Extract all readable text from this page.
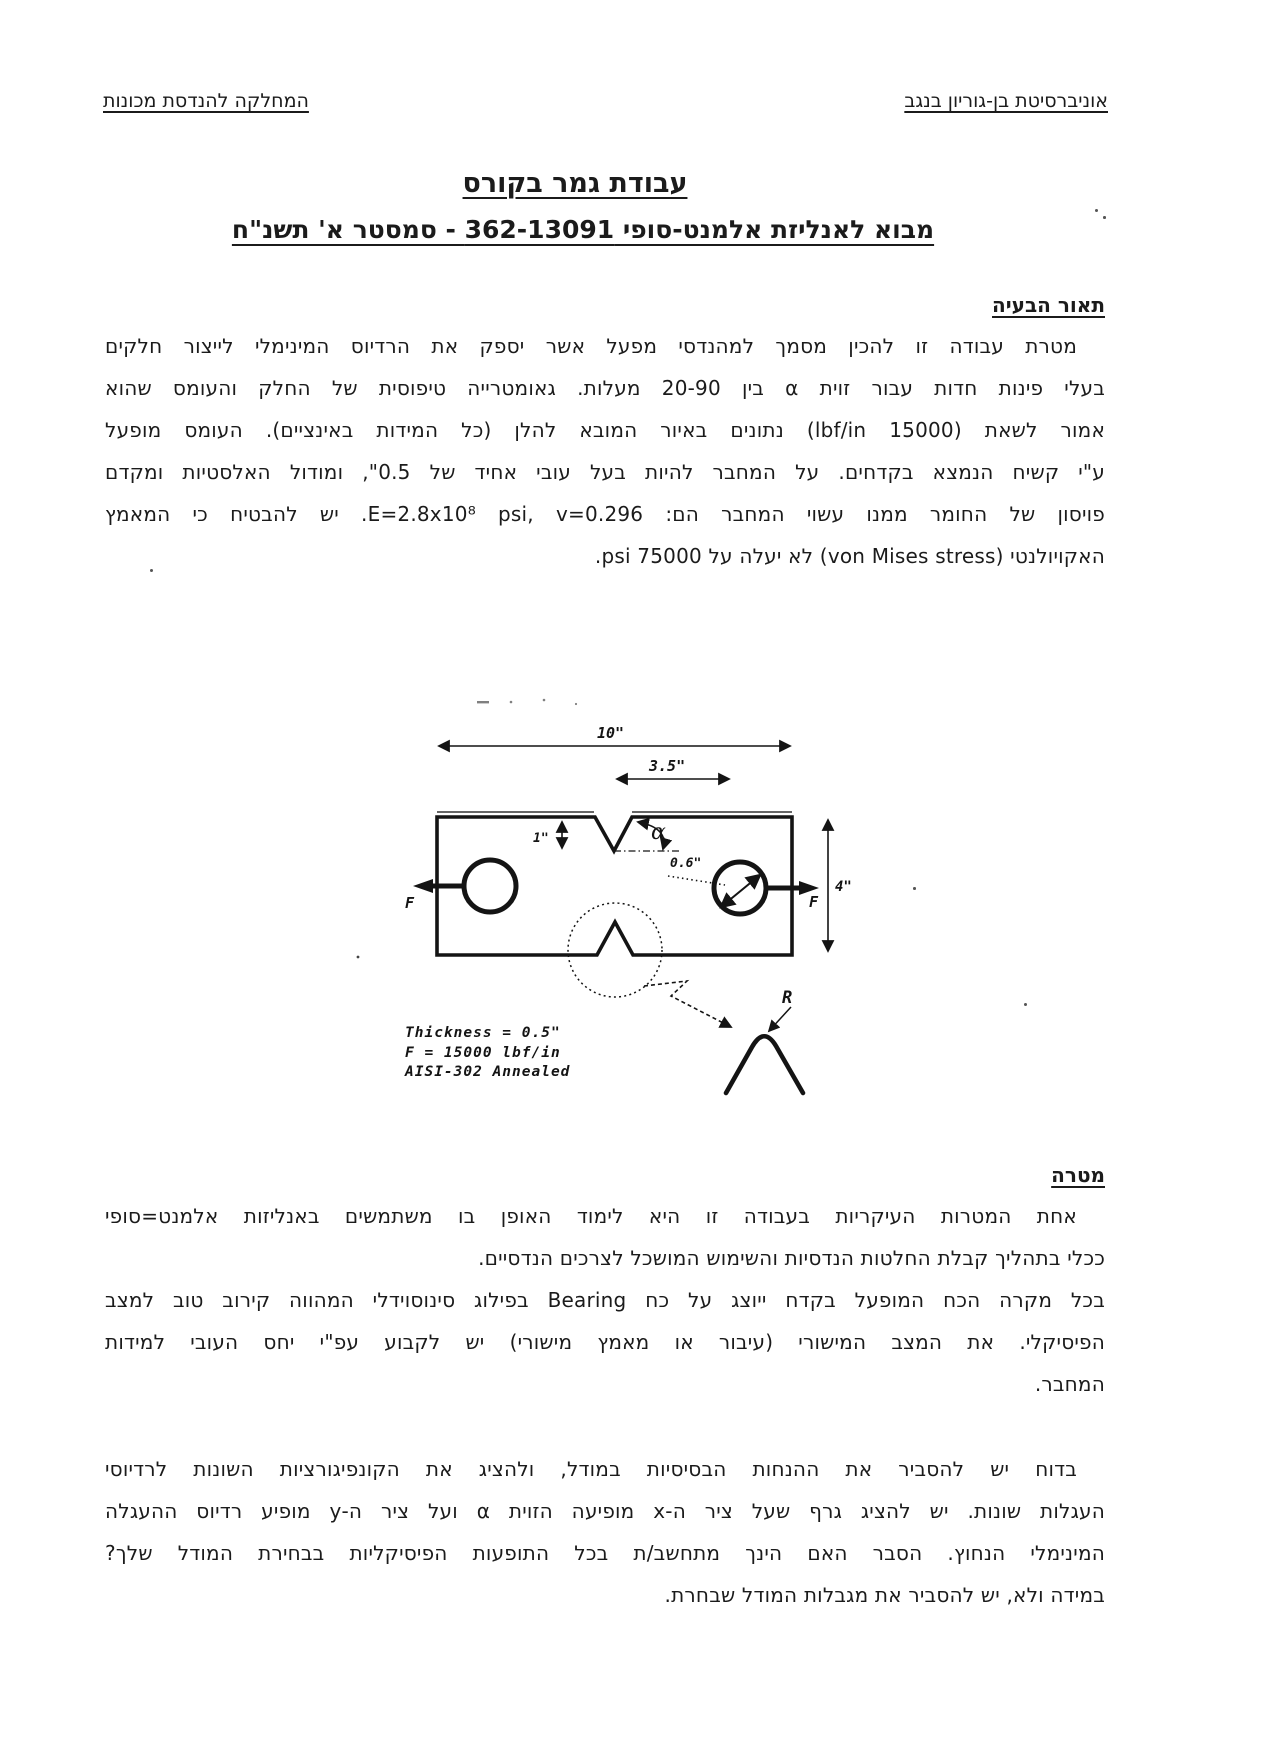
אוניברסיטת בן-גוריון בנגב
המחלקה להנדסת מכונות
עבודת גמר בקורס
מבוא לאנליזת אלמנט-סופי 362-13091 - סמסטר א' תשנ"ח
תאור הבעיה
מטרת עבודה זו להכין מסמך למהנדסי מפעל אשר יספק את הרדיוס המינימלי לייצור חלקים
בעלי פינות חדות עבור זוית α בין 20-90 מעלות. גאומטרייה טיפוסית של החלק והעומס שהוא
אמור לשאת (15000 lbf/in) נתונים באיור המובא להלן (כל המידות באינציים). העומס מופעל
ע"י קשיח הנמצא בקדחים. על המחבר להיות בעל עובי אחיד של 0.5", ומודול האלסטיות ומקדם
פויסון של החומר ממנו עשוי המחבר הם: E=2.8x10⁸ psi, v=0.296. יש להבטיח כי המאמץ
האקויולנטי (von Mises stress) לא יעלה על 75000 psi.
10"
3.5"
F	F
1"	α
0.6"
4"
R
Thickness = 0.5"
F = 15000 lbf/in
AISI-302 Annealed
מטרה
אחת המטרות העיקריות בעבודה זו היא לימוד האופן בו משתמשים באנליזות אלמנט=סופי
ככלי בתהליך קבלת החלטות הנדסיות והשימוש המושכל לצרכים הנדסיים.
בכל מקרה הכח המופעל בקדח ייוצג על כח Bearing בפילוג סינוסוידלי המהווה קירוב טוב למצב
הפיסיקלי. את המצב המישורי (עיבור או מאמץ מישורי) יש לקבוע עפ"י יחס העובי למידות
המחבר.
בדוח יש להסביר את ההנחות הבסיסיות במודל, ולהציג את הקונפיגורציות השונות לרדיוסי
העגלות שונות. יש להציג גרף שעל ציר ה-x מופיעה הזוית α ועל ציר ה-y מופיע רדיוס ההעגלה
המינימלי הנחוץ. הסבר האם הינך מתחשב/ת בכל התופעות הפיסיקליות בבחירת המודל שלך?
במידה ולא, יש להסביר את מגבלות המודל שבחרת.
